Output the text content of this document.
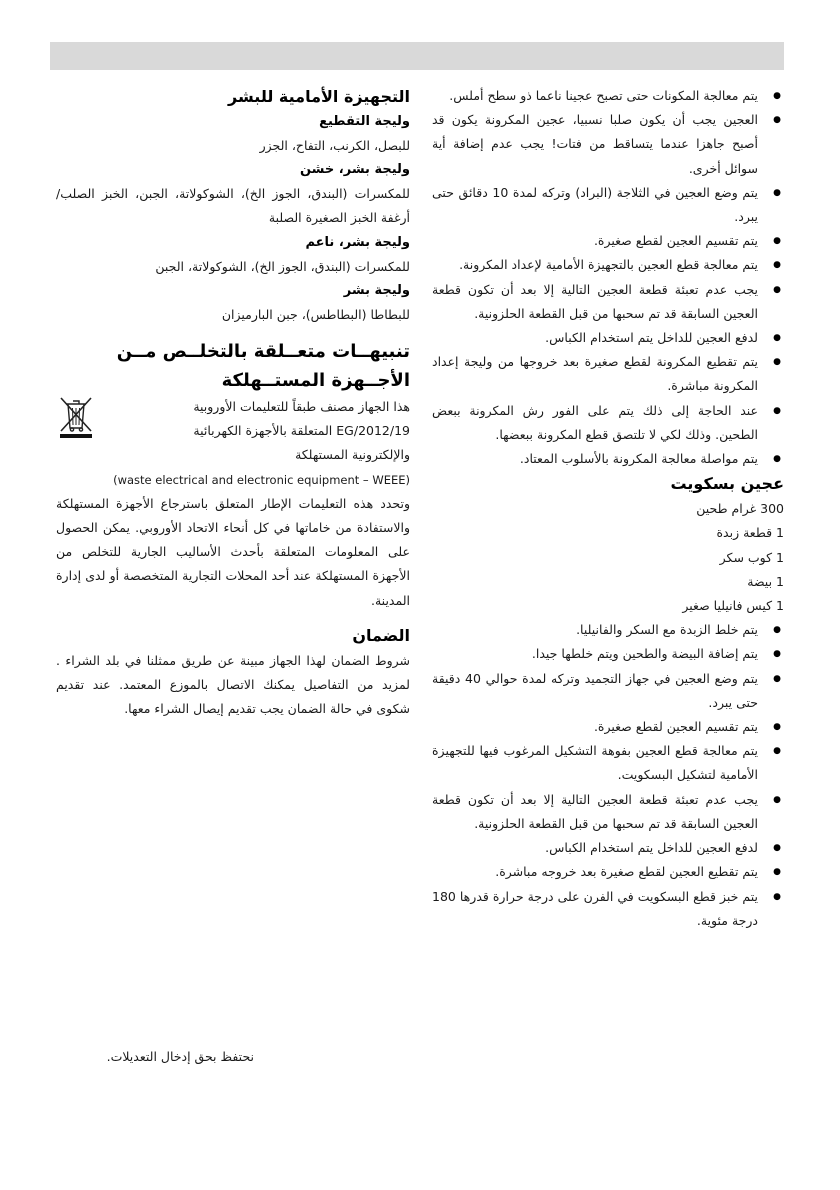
● يتم معالجة المكونات حتى تصبح عجينا ناعما ذو سطح أملس.
● العجين يجب أن يكون صلبا نسبيا، عجين المكرونة يكون قد أصبح جاهزا عندما يتساقط من فتات! يجب عدم إضافة أية سوائل أخرى.
● يتم وضع العجين في الثلاجة (البراد) وتركه لمدة 10 دقائق حتى يبرد.
● يتم تقسيم العجين لقطع صغيرة.
● يتم معالجة قطع العجين بالتجهيزة الأمامية لإعداد المكرونة.
● يجب عدم تعبئة قطعة العجين التالية إلا بعد أن تكون قطعة العجين السابقة قد تم سحبها من قبل القطعة الحلزونية.
● لدفع العجين للداخل يتم استخدام الكباس.
● يتم تقطيع المكرونة لقطع صغيرة بعد خروجها من وليجة إعداد المكرونة مباشرة.
● عند الحاجة إلى ذلك يتم على الفور رش المكرونة ببعض الطحين. وذلك لكي لا تلتصق قطع المكرونة ببعضها.
● يتم مواصلة معالجة المكرونة بالأسلوب المعتاد.

عجين بسكويت

300 غرام طحين

1 قطعة زبدة

1 كوب سكر

1 بيضة

1 كيس فانيليا صغير

● يتم خلط الزبدة مع السكر والفانيليا.
● يتم إضافة البيضة والطحين ويتم خلطها جيدا.
● يتم وضع العجين في جهاز التجميد وتركه لمدة حوالي 40 دقيقة حتى يبرد.
● يتم تقسيم العجين لقطع صغيرة.
● يتم معالجة قطع العجين بفوهة التشكيل المرغوب فيها للتجهيزة الأمامية لتشكيل البسكويت.
● يجب عدم تعبئة قطعة العجين التالية إلا بعد أن تكون قطعة العجين السابقة قد تم سحبها من قبل القطعة الحلزونية.
● لدفع العجين للداخل يتم استخدام الكباس.
● يتم تقطيع العجين لقطع صغيرة بعد خروجه مباشرة.
● يتم خبز قطع البسكويت في الفرن على درجة حرارة قدرها 180 درجة مئوية.

التجهيزة الأمامية للبشر

وليجة التقطيع

للبصل، الكرنب، التفاح، الجزر

وليجة بشر، خشن

للمكسرات (البندق، الجوز الخ)، الشوكولاتة، الجبن، الخبز الصلب/أرغفة الخبز الصغيرة الصلبة

وليجة بشر، ناعم

للمكسرات (البندق، الجوز الخ)، الشوكولاتة، الجبن

وليجة بشر

للبطاطا (البطاطس)، جبن البارميزان

تنبيهــات متعــلقة بالتخلــص مــن

الأجــهزة المستــهلكة

هذا الجهاز مصنف طبقاً للتعليمات الأوروبية

2012/19/EG المتعلقة بالأجهزة الكهربائية

والإلكترونية المستهلكة

(waste electrical and electronic equipment – WEEE)

وتحدد هذه التعليمات الإطار المتعلق باسترجاع الأجهزة المستهلكة والاستفادة من خاماتها في كل أنحاء الاتحاد الأوروبي. يمكن الحصول على المعلومات المتعلقة بأحدث الأساليب الجارية للتخلص من الأجهزة المستهلكة عند أحد المحلات التجارية المتخصصة أو لدى إدارة المدينة.

الضمان

شروط الضمان لهذا الجهاز مبينة عن طريق ممثلنا في بلد الشراء . لمزيد من التفاصيل يمكنك الاتصال بالموزع المعتمد. عند تقديم شكوى في حالة الضمان يجب تقديم إيصال الشراء معها.

نحتفظ بحق إدخال التعديلات.
